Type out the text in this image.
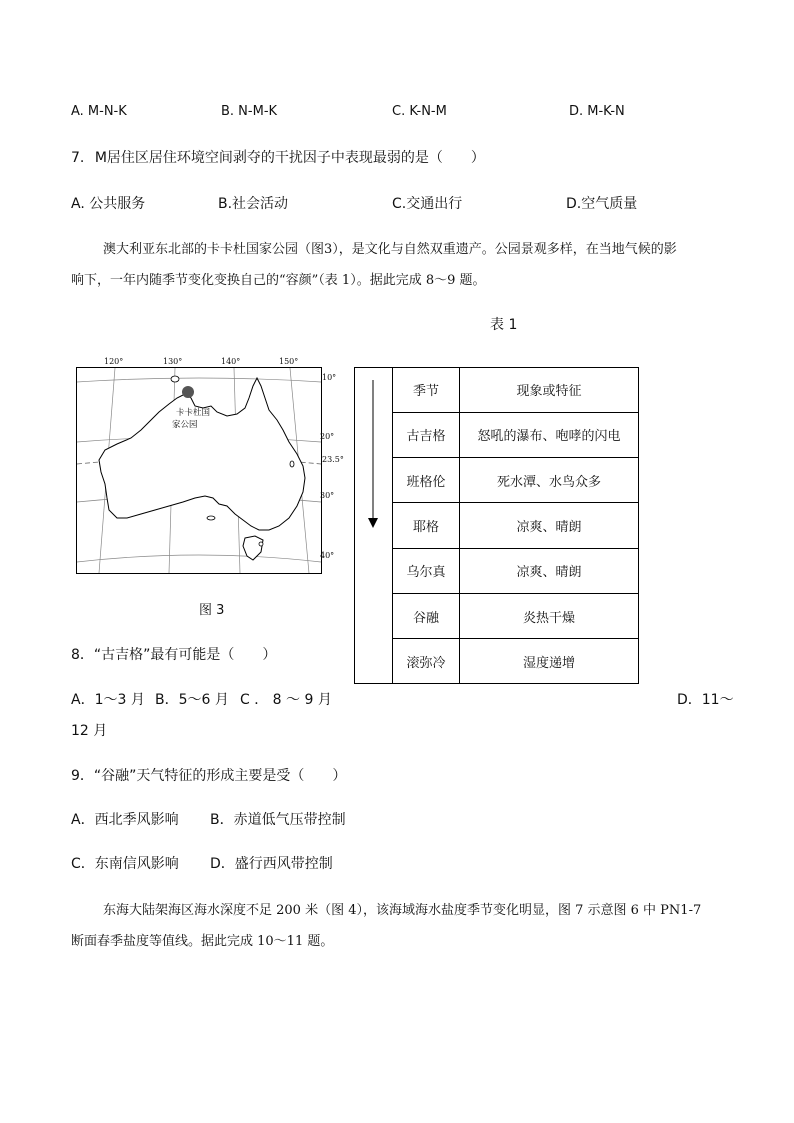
A. M-N-K	B. N-M-K	C. K-N-M	D. M-K-N
7. M居住区居住环境空间剥夺的干扰因子中表现最弱的是（　　）
A. 公共服务	B.社会活动	C.交通出行	D.空气质量
澳大利亚东北部的卡卡杜国家公园（图3），是文化与自然双重遗产。公园景观多样，在当地气候的影
响下，一年内随季节变化变换自己的“容颜”（表 1）。据此完成 8～9 题。
表 1
120°	130°	140°	150°
卡卡杜国
家公园
10°
20°
23.5°
30°
40°
图 3
季节	现象或特征
古吉格	怒吼的瀑布、咆哮的闪电
班格伦	死水潭、水鸟众多
耶格	凉爽、晴朗
乌尔真	凉爽、晴朗
谷融	炎热干燥
滚弥冷	湿度递增
8．“古吉格”最有可能是（　　）
A．1～3 月 B．5～6 月 C ． 8 ～ 9 月	D．11～
12 月
9．“谷融”天气特征的形成主要是受（　　）
A．西北季风影响 B．赤道低气压带控制
C．东南信风影响 D．盛行西风带控制
东海大陆架海区海水深度不足 200 米（图 4），该海域海水盐度季节变化明显，图 7 示意图 6 中 PN1-7
断面春季盐度等值线。据此完成 10～11 题。
